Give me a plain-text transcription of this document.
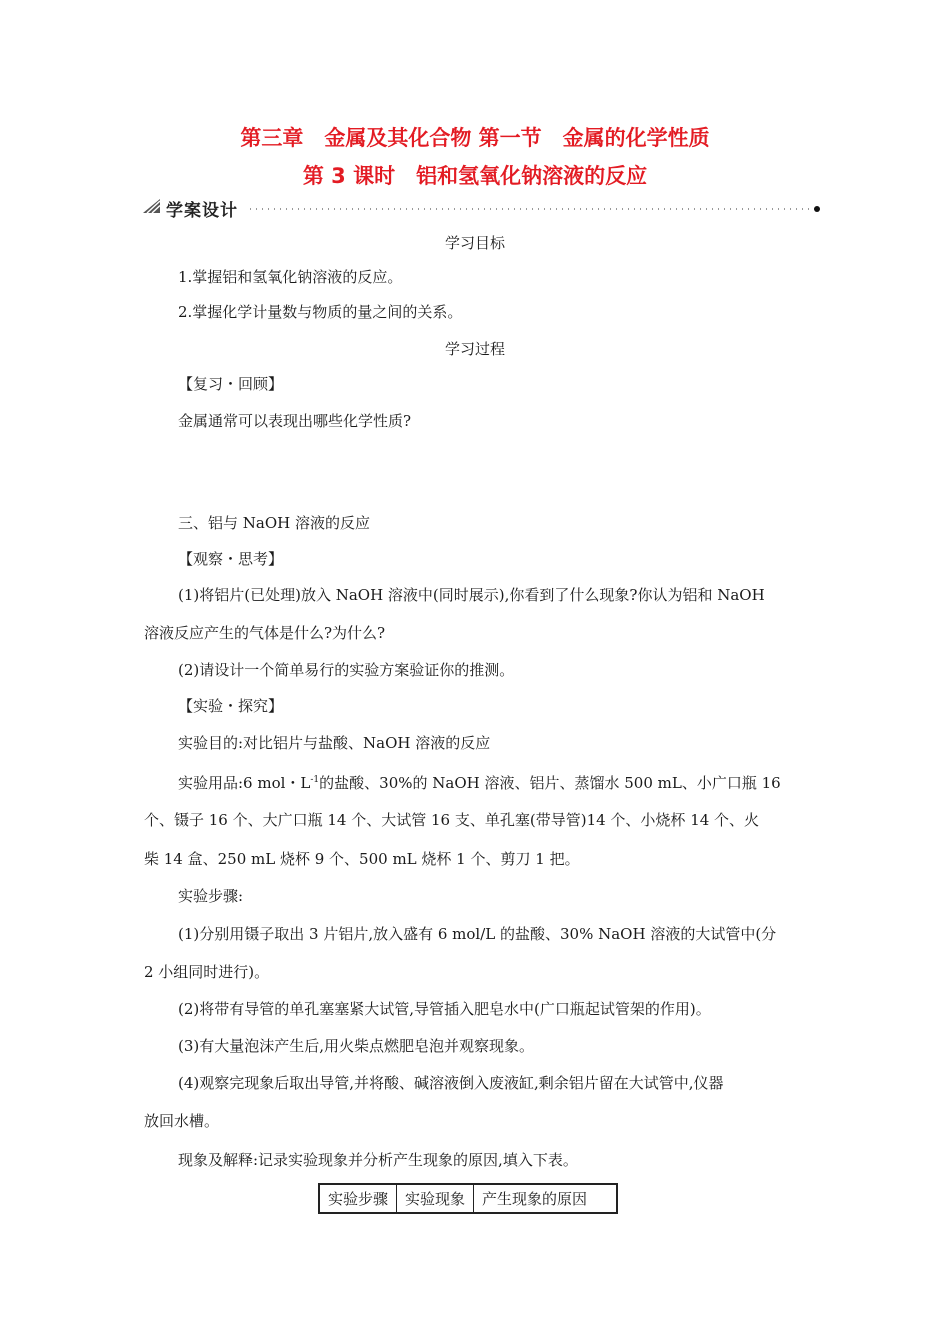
第三章　金属及其化合物 第一节　金属的化学性质
第 3 课时　铝和氢氧化钠溶液的反应
学案设计
学习目标
1.掌握铝和氢氧化钠溶液的反应。
2.掌握化学计量数与物质的量之间的关系。
学习过程
【复习・回顾】
金属通常可以表现出哪些化学性质?
三、铝与 NaOH 溶液的反应
【观察・思考】
(1)将铝片(已处理)放入 NaOH 溶液中(同时展示),你看到了什么现象?你认为铝和 NaOH
溶液反应产生的气体是什么?为什么?
(2)请设计一个简单易行的实验方案验证你的推测。
【实验・探究】
实验目的:对比铝片与盐酸、NaOH 溶液的反应
实验用品:6 mol・$L^{-1}$的盐酸、30%的 NaOH 溶液、铝片、蒸馏水 500 mL、小广口瓶 16
个、镊子 16 个、大广口瓶 14 个、大试管 16 支、单孔塞(带导管)14 个、小烧杯 14 个、火
柴 14 盒、250 mL 烧杯 9 个、500 mL 烧杯 1 个、剪刀 1 把。
实验步骤:
(1)分别用镊子取出 3 片铝片,放入盛有 6 mol/L 的盐酸、30% NaOH 溶液的大试管中(分
2 小组同时进行)。
(2)将带有导管的单孔塞塞紧大试管,导管插入肥皂水中(广口瓶起试管架的作用)。
(3)有大量泡沫产生后,用火柴点燃肥皂泡并观察现象。
(4)观察完现象后取出导管,并将酸、碱溶液倒入废液缸,剩余铝片留在大试管中,仪器
放回水槽。
现象及解释:记录实验现象并分析产生现象的原因,填入下表。
实验步骤	实验现象	产生现象的原因
